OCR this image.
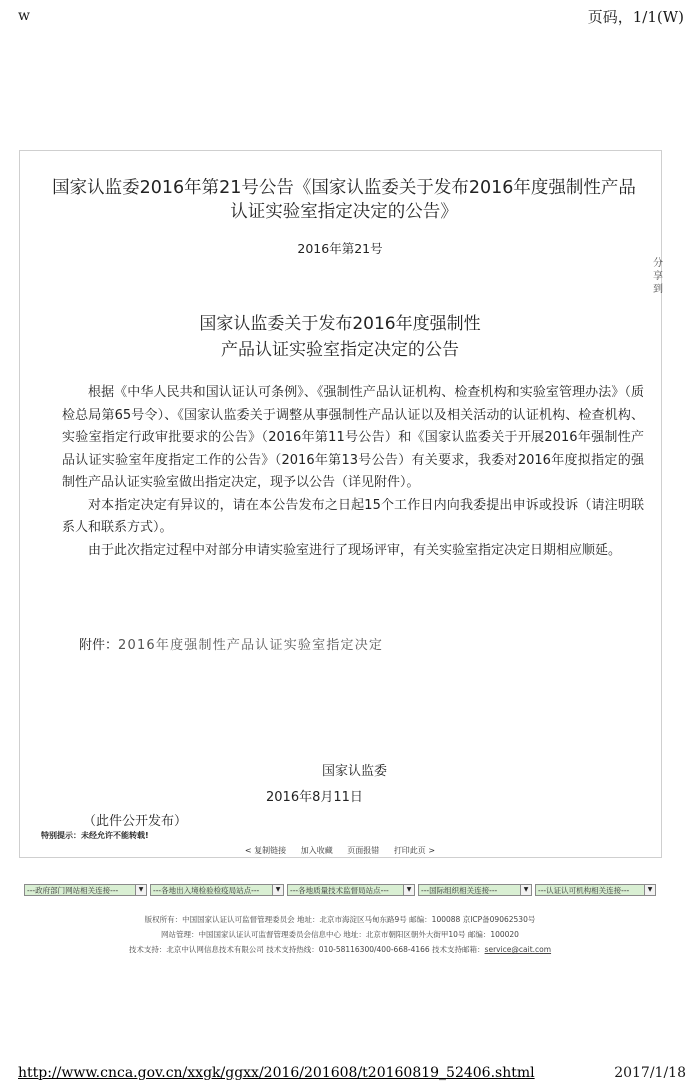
w	页码，1/1(W)
国家认监委2016年第21号公告《国家认监委关于发布2016年度强制性产品认证实验室指定决定的公告》
2016年第21号
分享到
国家认监委关于发布2016年度强制性
产品认证实验室指定决定的公告

根据《中华人民共和国认证认可条例》、《强制性产品认证机构、检查机构和实验室管理办法》（质检总局第65号令）、《国家认监委关于调整从事强制性产品认证以及相关活动的认证机构、检查机构、实验室指定行政审批要求的公告》（2016年第11号公告）和《国家认监委关于开展2016年强制性产品认证实验室年度指定工作的公告》（2016年第13号公告）有关要求，我委对2016年度拟指定的强制性产品认证实验室做出指定决定，现予以公告（详见附件）。

对本指定决定有异议的，请在本公告发布之日起15个工作日内向我委提出申诉或投诉（请注明联系人和联系方式）。

由于此次指定过程中对部分申请实验室进行了现场评审，有关实验室指定决定日期相应顺延。

附件：2016年度强制性产品认证实验室指定决定
国家认监委
2016年8月11日
（此件公开发布）
特别提示：未经允许不能转载!
< 复制链接 加入收藏 页面报错 打印此页 >
---政府部门网站相关连接---	▼	---各地出入境检验检疫局站点---	▼	---各地质量技术监督局站点---	▼	---国际组织相关连接---	▼	---认证认可机构相关连接---	▼
版权所有：中国国家认证认可监督管理委员会 地址：北京市海淀区马甸东路9号 邮编：100088 京ICP备09062530号
网站管理：中国国家认证认可监督管理委员会信息中心 地址：北京市朝阳区朝外大街甲10号 邮编：100020
技术支持：北京中认网信息技术有限公司 技术支持热线：010-58116300/400-668-4166 技术支持邮箱：service@cait.com
http://www.cnca.gov.cn/xxgk/ggxx/2016/201608/t20160819_52406.shtml	2017/1/18
